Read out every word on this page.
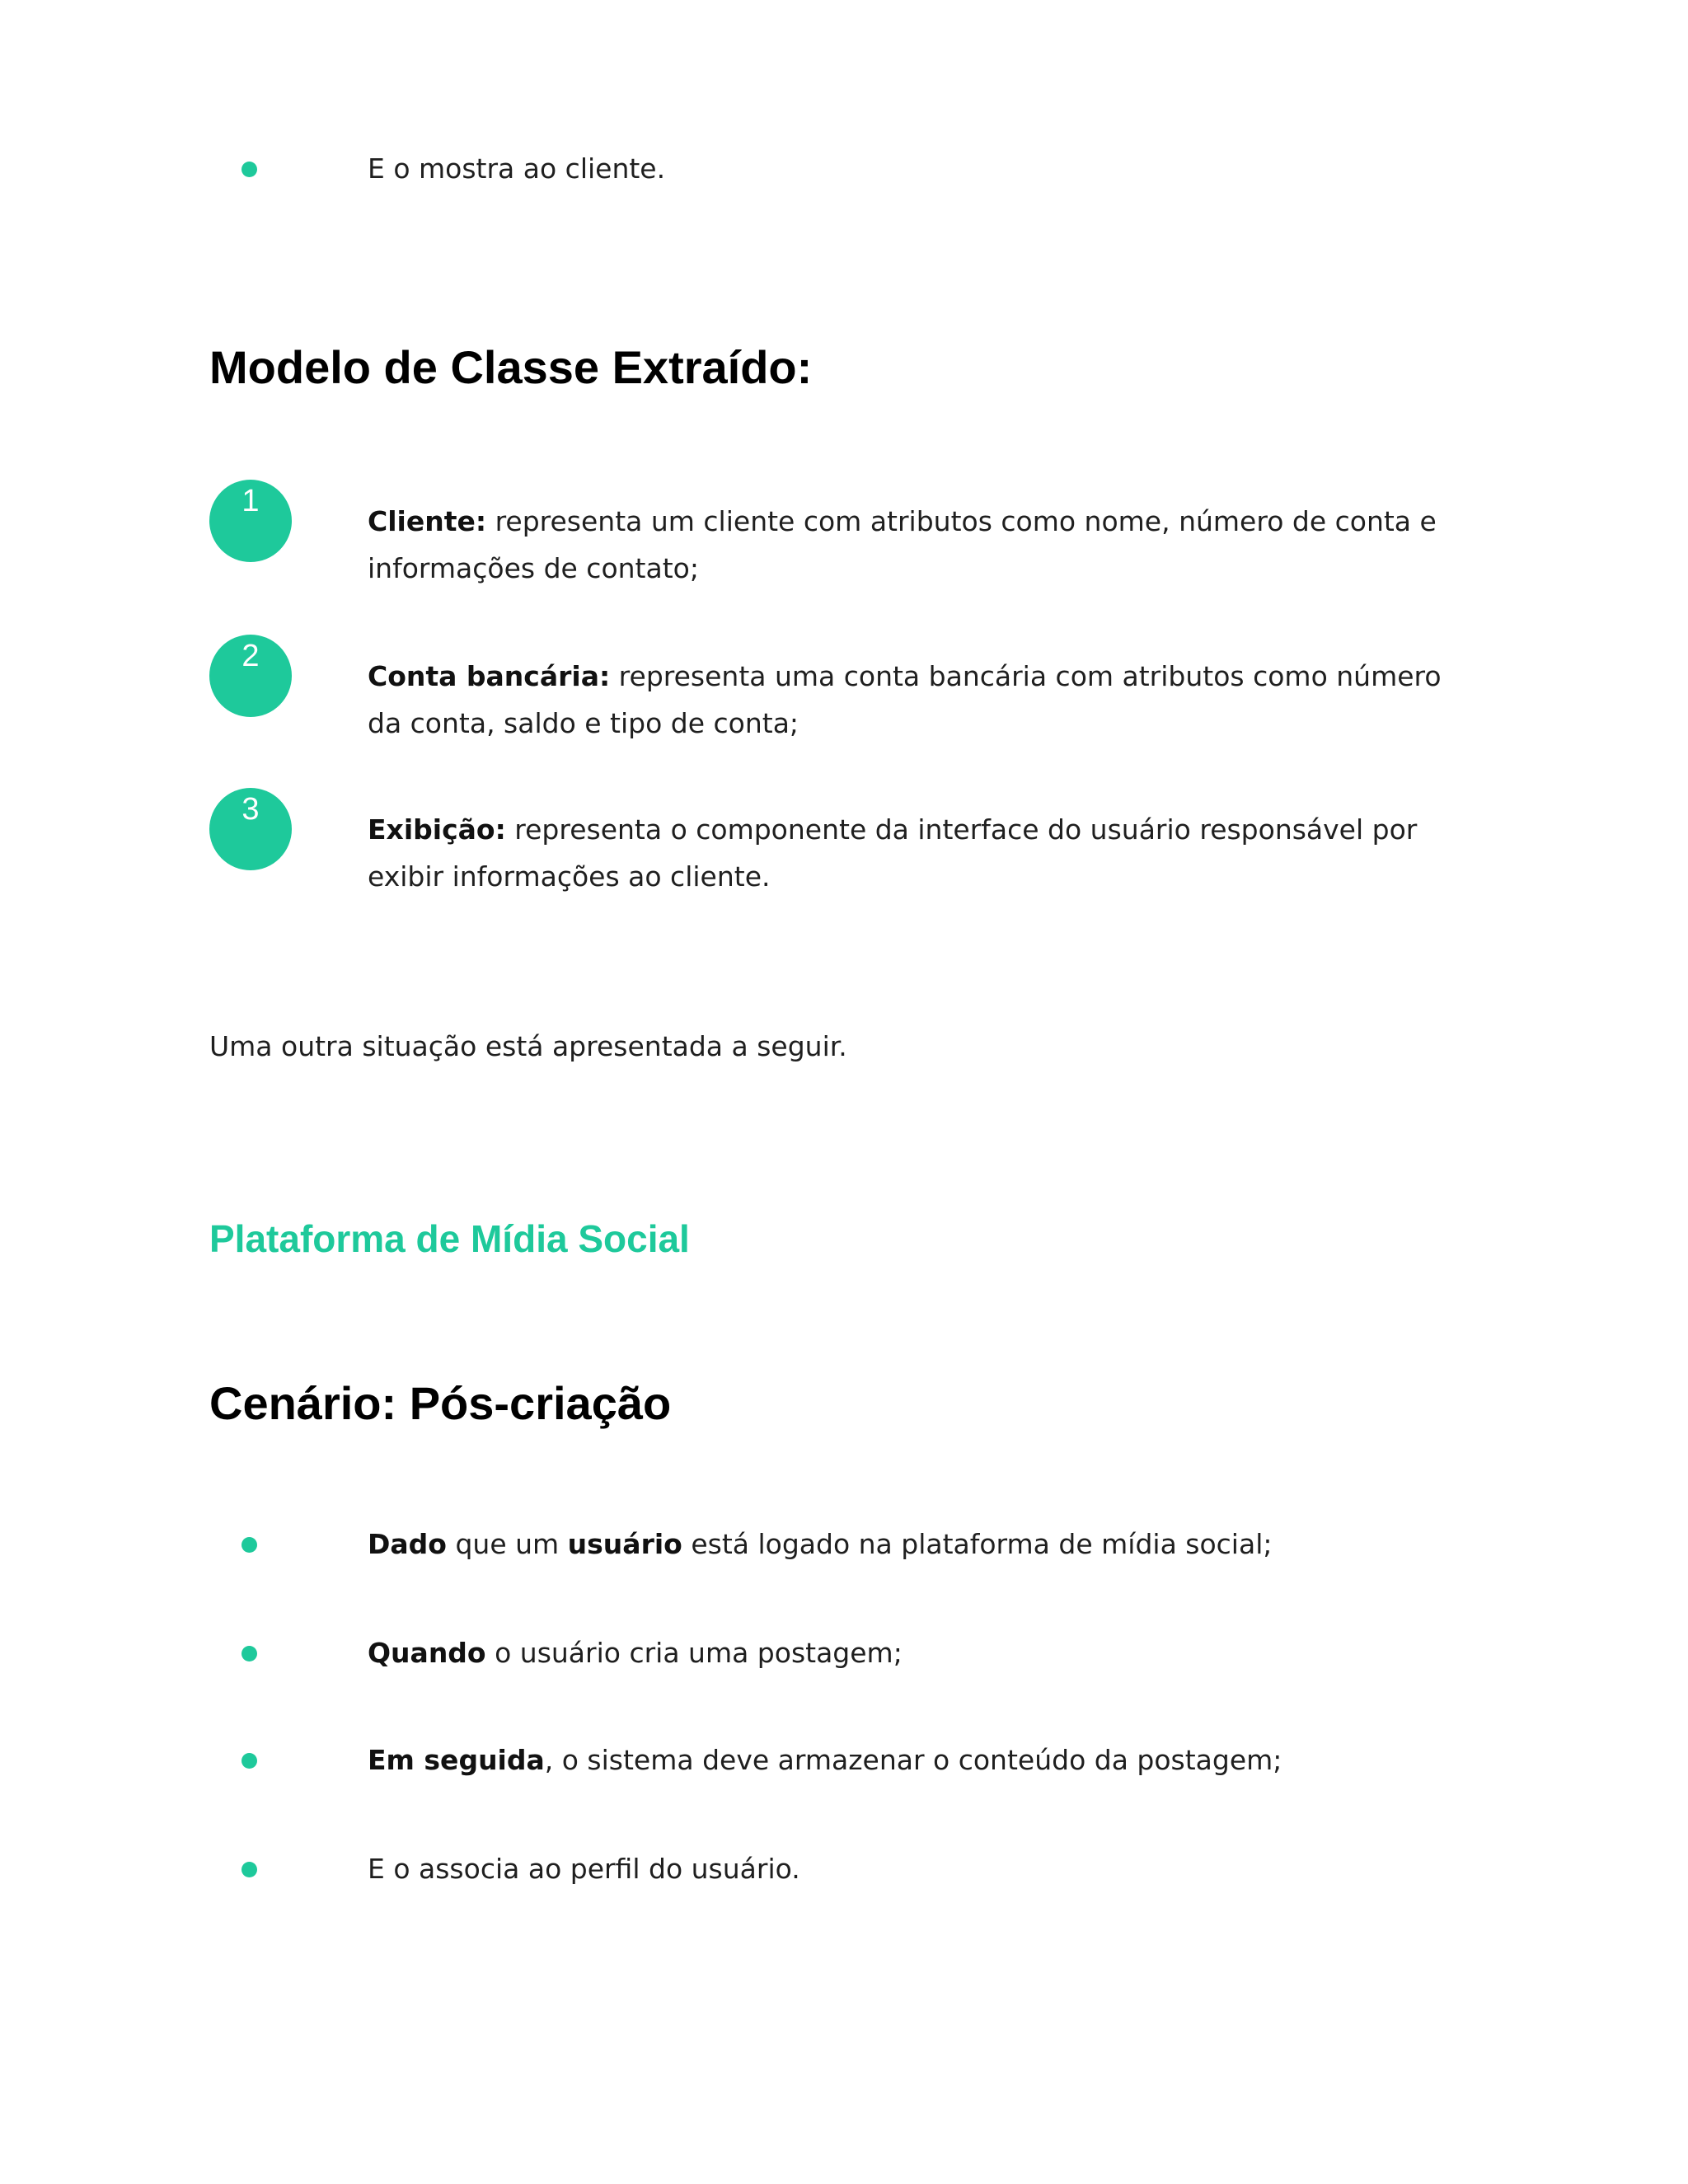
E o mostra ao cliente.
Modelo de Classe Extraído:
1
Cliente: representa um cliente com atributos como nome, número de conta e informações de contato;
2
Conta bancária: representa uma conta bancária com atributos como número da conta, saldo e tipo de conta;
3
Exibição: representa o componente da interface do usuário responsável por exibir informações ao cliente.
Uma outra situação está apresentada a seguir.
Plataforma de Mídia Social
Cenário: Pós-criação
Dado que um usuário está logado na plataforma de mídia social;
Quando o usuário cria uma postagem;
Em seguida, o sistema deve armazenar o conteúdo da postagem;
E o associa ao perfil do usuário.
